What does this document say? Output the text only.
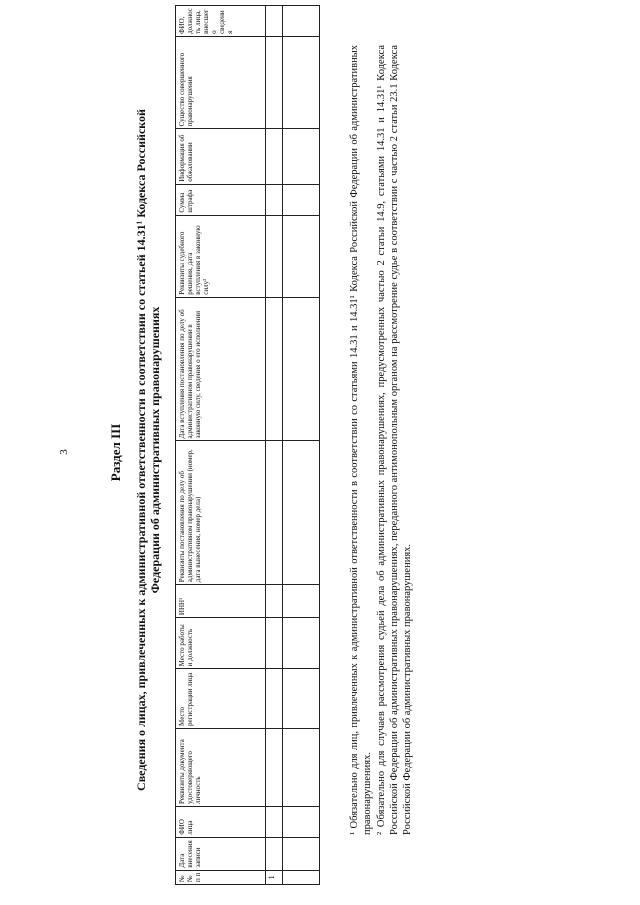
3	Раздел III Сведения о лицах, привлеченных к административной ответственности в соответствии со статьей 14.31¹ Кодекса Российской Федерации об административных правонарушениях
№ № п п	Дата внесения записи	ФИО лица	Реквизиты документа удостоверяющего личность	Место регистрации лица	Место работы и должность	ИНН¹	Реквизиты постановления по делу об административном правонарушении (номер, дата вынесения, номер дела)	Дата вступления постановления по делу об административном правонарушении в законную силу, сведения о его исполнении	Реквизиты судебного решения, дата вступления в законную силу²	Сумма штрафа	Информация об обжаловании	Существо совершенного правонарушения	ФИО, должность лица, внесшего сведения
1													

¹ Обязательно для лиц, привлеченных к административной ответственности в соответствии со статьями 14.31 и 14.31¹ Кодекса Российской Федерации об административных правонарушениях. ² Обязательно для случаев рассмотрения судьей дела об административных правонарушениях, предусмотренных частью 2 статьи 14.9, статьями 14.31 и 14.31¹ Кодекса Российской Федерации об административных правонарушениях, переданного антимонопольным органом на рассмотрение судье в соответствии с частью 2 статьи 23.1 Кодекса Российской Федерации об административных правонарушениях.
